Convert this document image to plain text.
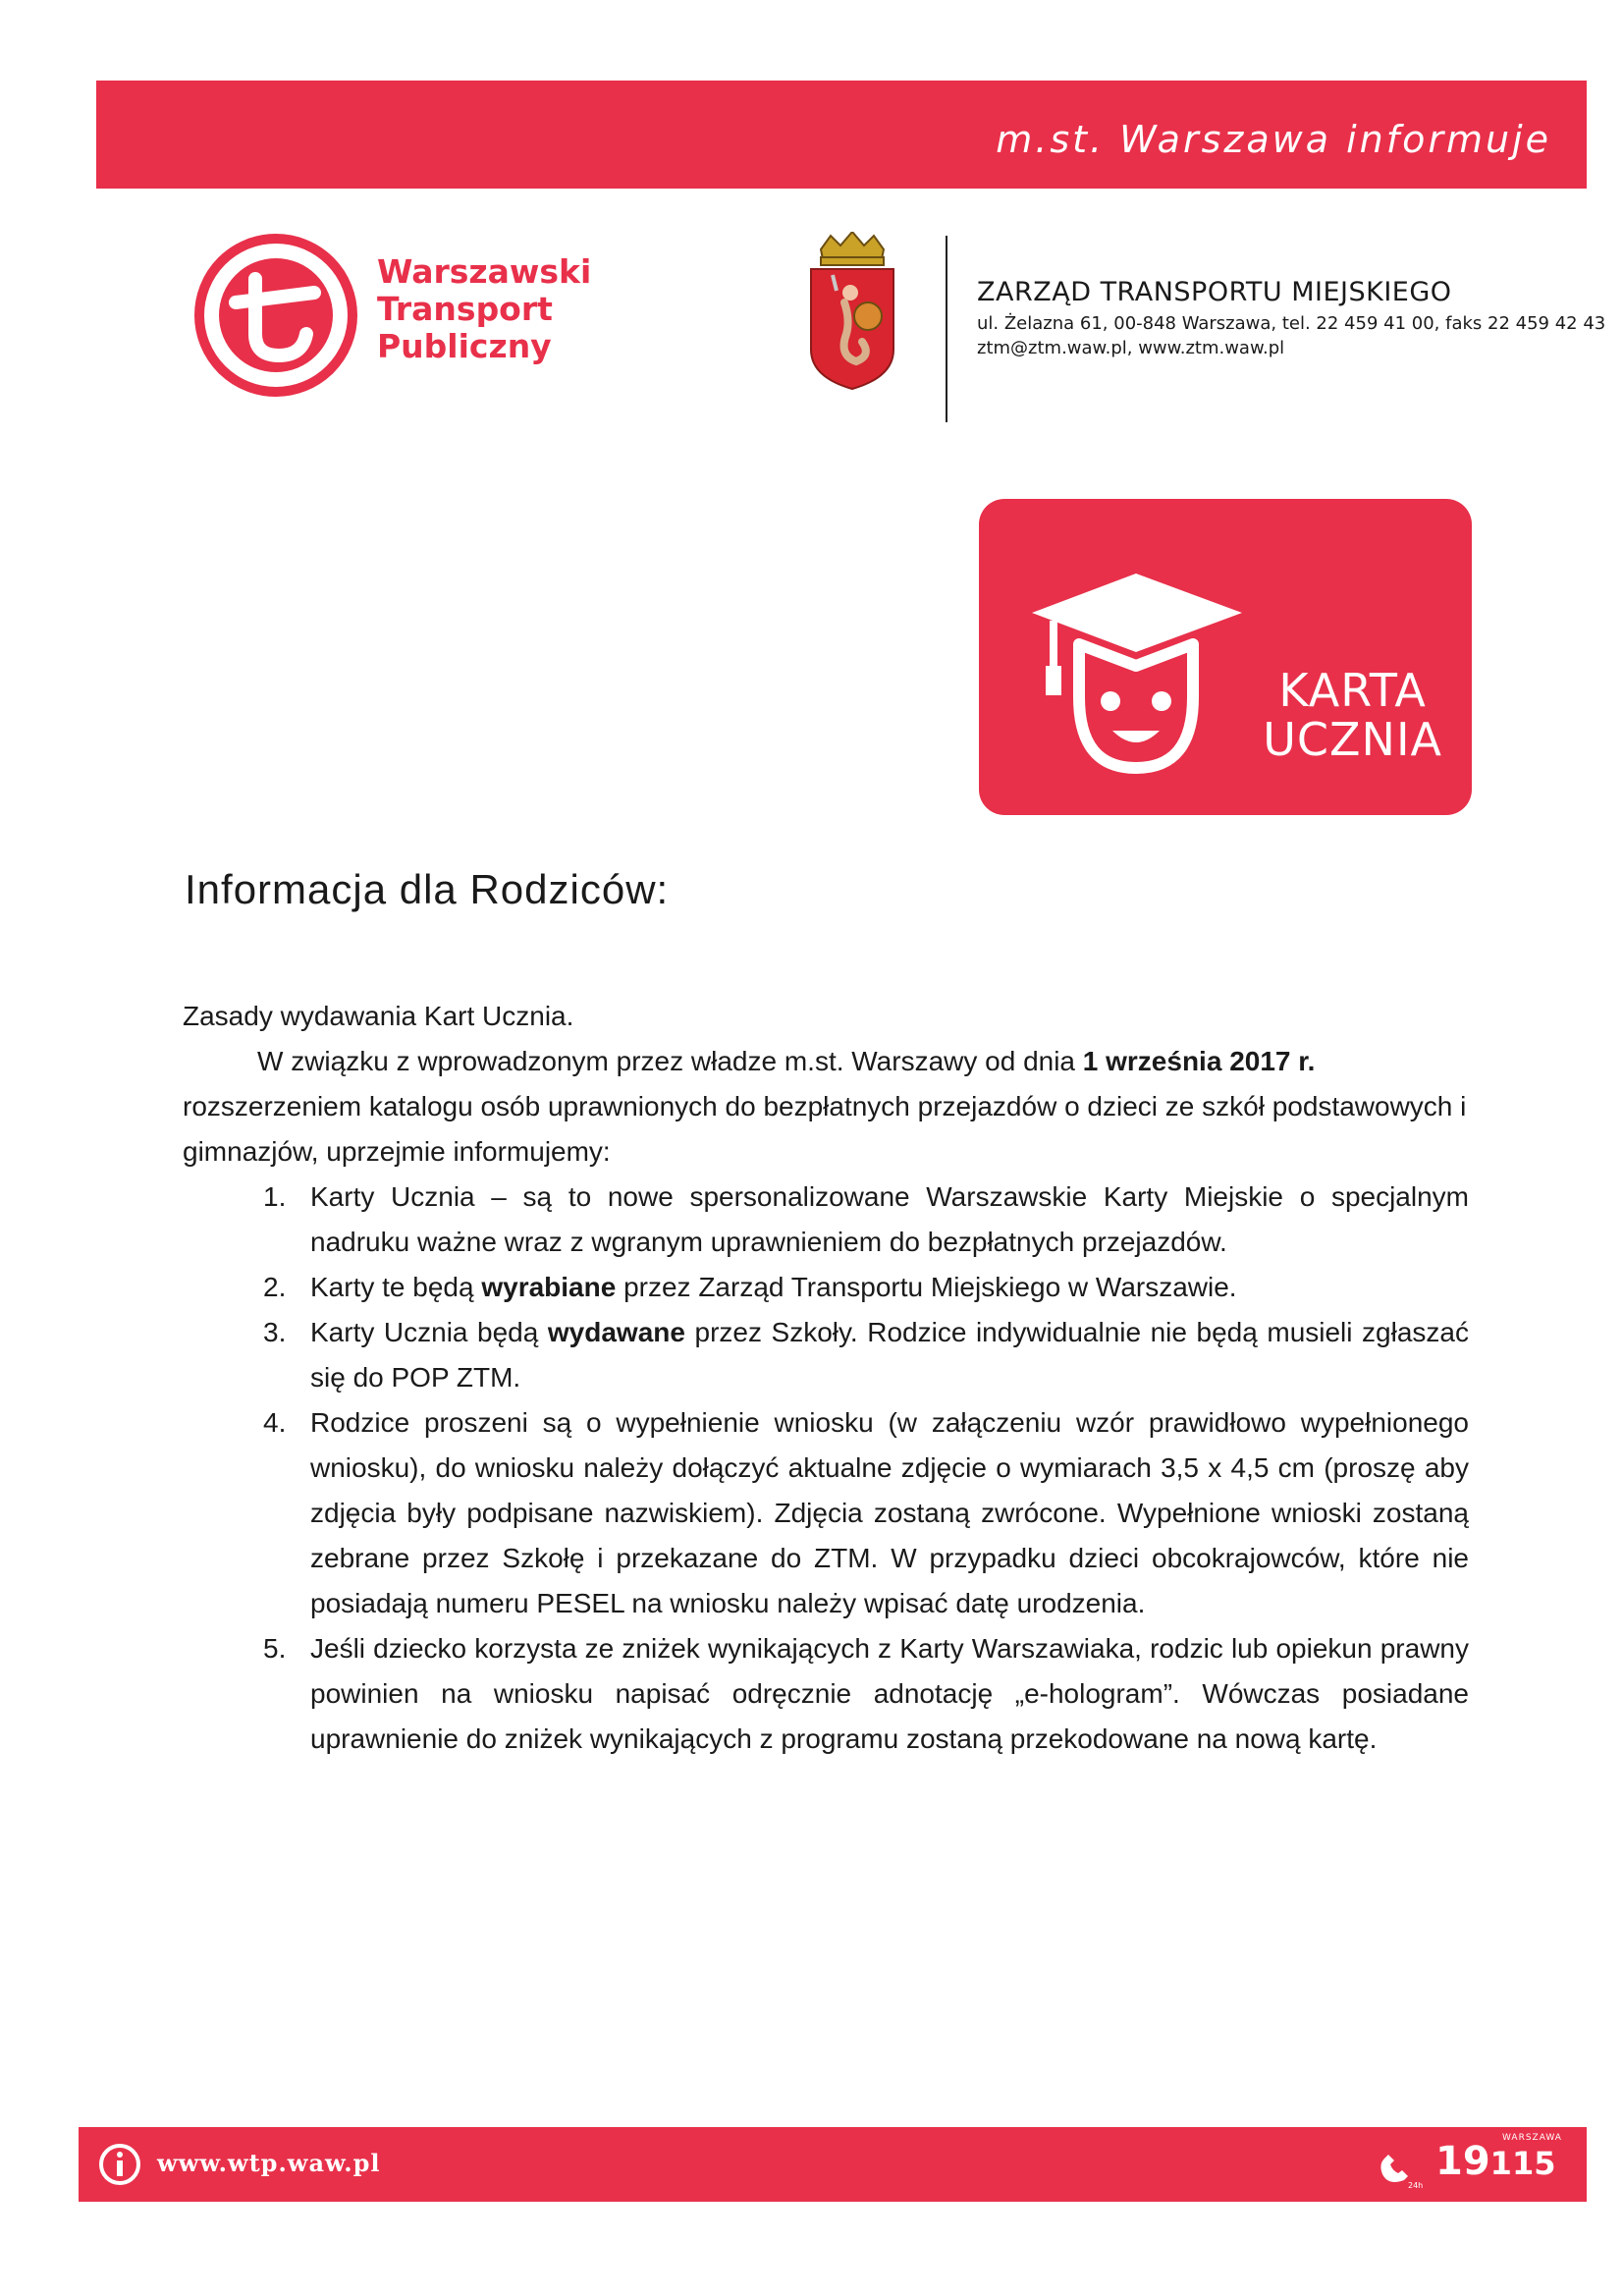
m.st. Warszawa informuje
Warszawski
Transport
Publiczny
ZARZĄD TRANSPORTU MIEJSKIEGO
ul. Żelazna 61, 00-848 Warszawa, tel. 22 459 41 00, faks 22 459 42 43
ztm@ztm.waw.pl, www.ztm.waw.pl
KARTA
UCZNIA
Informacja dla Rodziców:

Zasady wydawania Kart Ucznia.

W związku z wprowadzonym przez władze m.st. Warszawy od dnia 1 września 2017 r.

rozszerzeniem katalogu osób uprawnionych do bezpłatnych przejazdów o dzieci ze szkół podstawowych i gimnazjów, uprzejmie informujemy:

1. Karty Ucznia – są to nowe spersonalizowane Warszawskie Karty Miejskie o specjalnym nadruku ważne wraz z wgranym uprawnieniem do bezpłatnych przejazdów.
2. Karty te będą wyrabiane przez Zarząd Transportu Miejskiego w Warszawie.
3. Karty Ucznia będą wydawane przez Szkoły. Rodzice indywidualnie nie będą musieli zgłaszać się do POP ZTM.
4. Rodzice proszeni są o wypełnienie wniosku (w załączeniu wzór prawidłowo wypełnionego wniosku), do wniosku należy dołączyć aktualne zdjęcie o wymiarach 3,5 x 4,5 cm (proszę aby zdjęcia były podpisane nazwiskiem). Zdjęcia zostaną zwrócone. Wypełnione wnioski zostaną zebrane przez Szkołę i przekazane do ZTM. W przypadku dzieci obcokrajowców, które nie posiadają numeru PESEL na wniosku należy wpisać datę urodzenia.
5. Jeśli dziecko korzysta ze zniżek wynikających z Karty Warszawiaka, rodzic lub opiekun prawny powinien na wniosku napisać odręcznie adnotację „e-hologram”. Wówczas posiadane uprawnienie do zniżek wynikających z programu zostaną przekodowane na nową kartę.
www.wtp.waw.pl
24h
WARSZAWA
19115
